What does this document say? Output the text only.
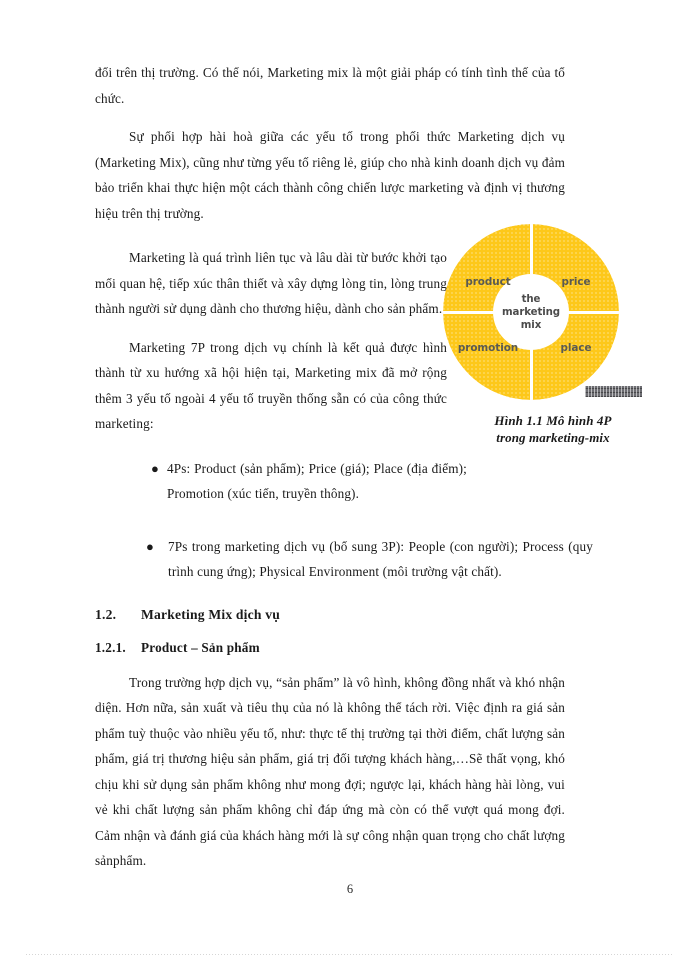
đổi trên thị trường. Có thể nói, Marketing mix là một giải pháp có tính tình thế của tổ chức.

Sự phối hợp hài hoà giữa các yếu tố trong phối thức Marketing dịch vụ (Marketing Mix), cũng như từng yếu tố riêng lẻ, giúp cho nhà kinh doanh dịch vụ đảm bảo triển khai thực hiện một cách thành công chiến lược marketing và định vị thương hiệu trên thị trường.

Marketing là quá trình liên tục và lâu dài từ bước khởi tạo mối quan hệ, tiếp xúc thân thiết và xây dựng lòng tin, lòng trung thành người sử dụng dành cho thương hiệu, dành cho sản phẩm.

Marketing 7P trong dịch vụ chính là kết quả được hình thành từ xu hướng xã hội hiện tại, Marketing mix đã mở rộng thêm 3 yếu tố ngoài 4 yếu tố truyền thống sẵn có của công thức marketing:

● 4Ps: Product (sản phẩm); Price (giá); Place (địa điểm); Promotion (xúc tiến, truyền thông).
● 7Ps trong marketing dịch vụ (bổ sung 3P): People (con người); Process (quy trình cung ứng); Physical Environment (môi trường vật chất).
1.2. Marketing Mix dịch vụ
1.2.1. Product – Sản phẩm

Trong trường hợp dịch vụ, “sản phẩm” là vô hình, không đồng nhất và khó nhận diện. Hơn nữa, sản xuất và tiêu thụ của nó là không thể tách rời. Việc định ra giá sản phẩm tuỳ thuộc vào nhiều yếu tố, như: thực tế thị trường tại thời điểm, chất lượng sản phẩm, giá trị thương hiệu sản phẩm, giá trị đối tượng khách hàng,…Sẽ thất vọng, khó chịu khi sử dụng sản phẩm không như mong đợi; ngược lại, khách hàng hài lòng, vui vẻ khi chất lượng sản phẩm không chỉ đáp ứng mà còn có thể vượt quá mong đợi. Cảm nhận và đánh giá của khách hàng mới là sự công nhận quan trọng cho chất lượng sảnphẩm.

product	price
place
promotion
the
marketing
mix
Hình 1.1 Mô hình 4P
trong marketing-mix
6
